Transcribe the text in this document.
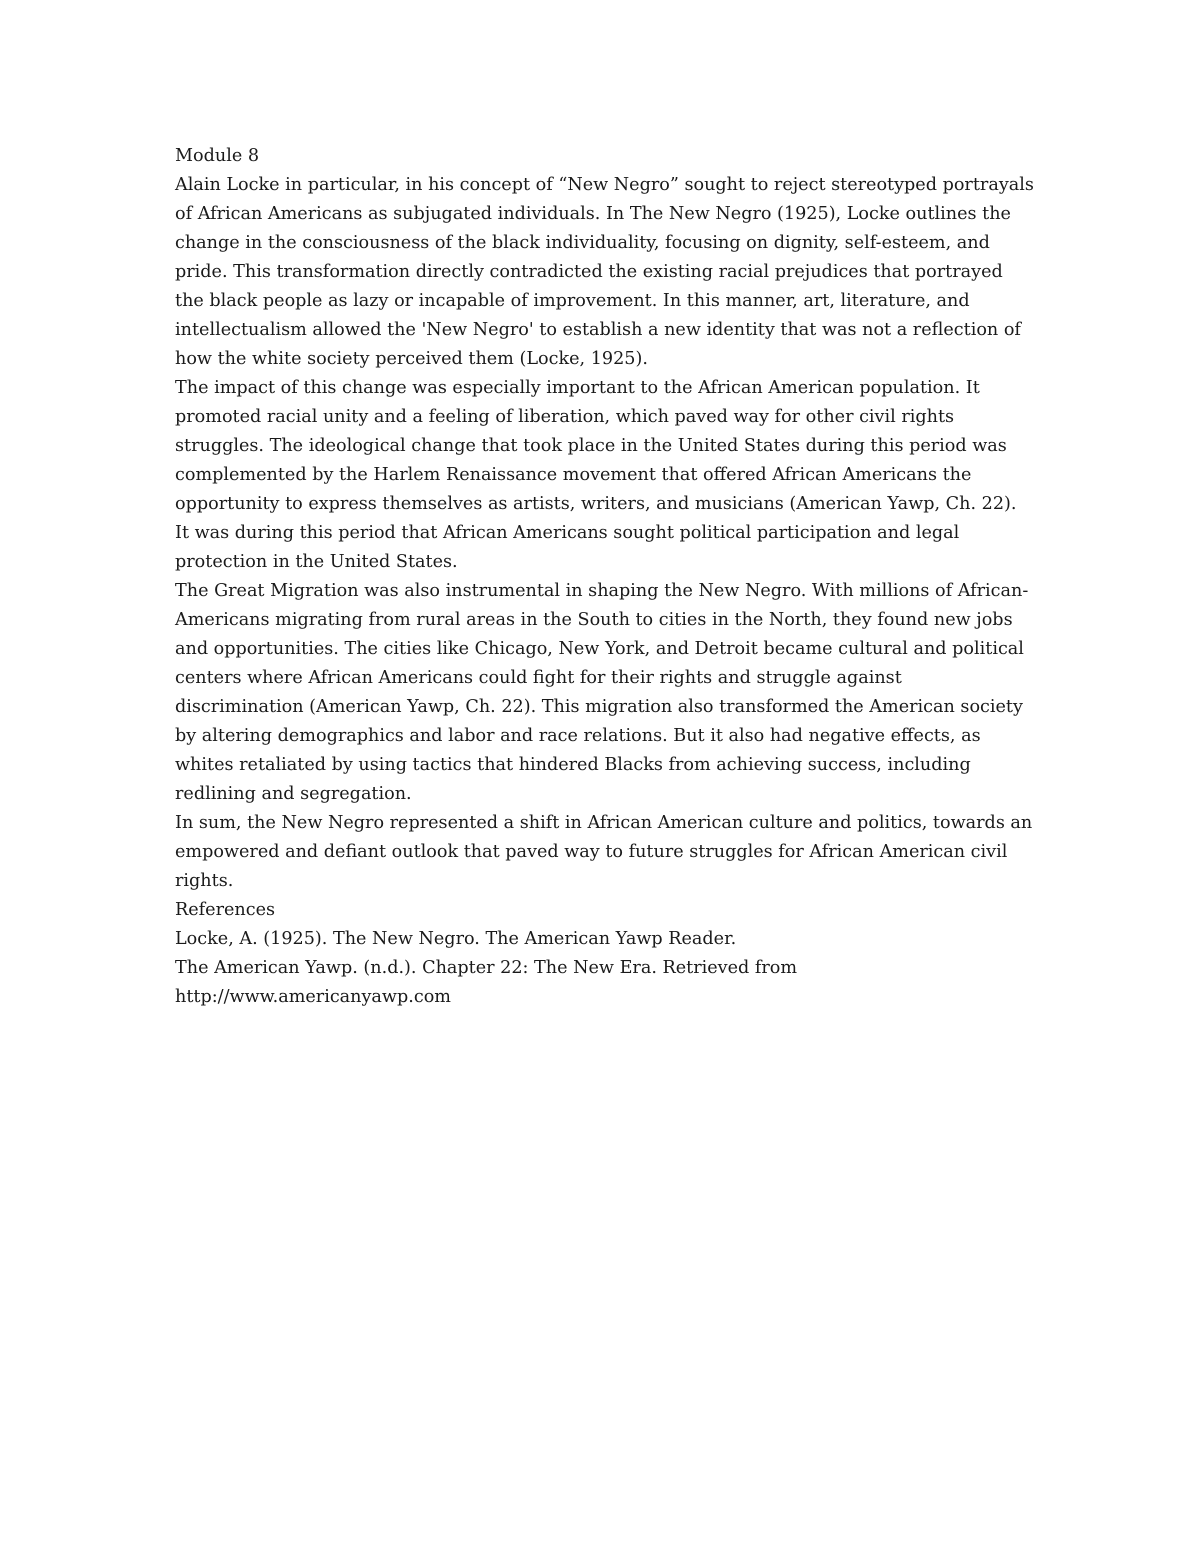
Module 8

Alain Locke in particular, in his concept of “New Negro” sought to reject stereotyped portrayals of African Americans as subjugated individuals. In The New Negro (1925), Locke outlines the change in the consciousness of the black individuality, focusing on dignity, self-esteem, and pride. This transformation directly contradicted the existing racial prejudices that portrayed the black people as lazy or incapable of improvement. In this manner, art, literature, and intellectualism allowed the 'New Negro' to establish a new identity that was not a reflection of how the white society perceived them (Locke, 1925).

The impact of this change was especially important to the African American population. It promoted racial unity and a feeling of liberation, which paved way for other civil rights struggles. The ideological change that took place in the United States during this period was complemented by the Harlem Renaissance movement that offered African Americans the opportunity to express themselves as artists, writers, and musicians (American Yawp, Ch. 22). It was during this period that African Americans sought political participation and legal protection in the United States.

The Great Migration was also instrumental in shaping the New Negro. With millions of African-Americans migrating from rural areas in the South to cities in the North, they found new jobs and opportunities. The cities like Chicago, New York, and Detroit became cultural and political centers where African Americans could fight for their rights and struggle against discrimination (American Yawp, Ch. 22). This migration also transformed the American society by altering demographics and labor and race relations. But it also had negative effects, as whites retaliated by using tactics that hindered Blacks from achieving success, including redlining and segregation.

In sum, the New Negro represented a shift in African American culture and politics, towards an empowered and defiant outlook that paved way to future struggles for African American civil rights.

References

Locke, A. (1925). The New Negro. The American Yawp Reader.

The American Yawp. (n.d.). Chapter 22: The New Era. Retrieved from http://www.americanyawp.com
